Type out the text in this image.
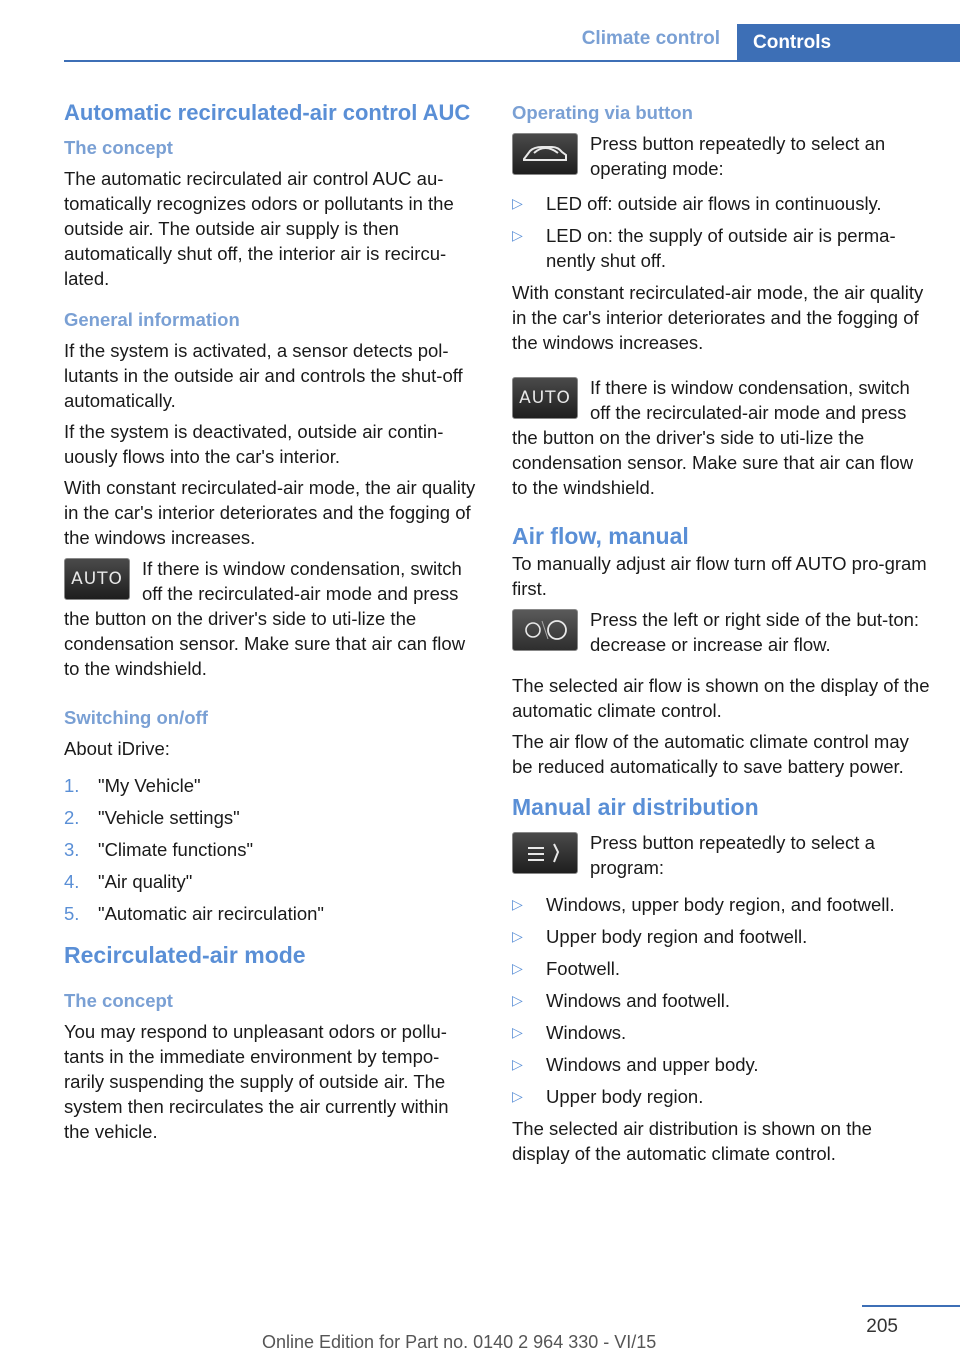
Climate control	Controls
Automatic recirculated-air control AUC
The concept

The automatic recirculated air control AUC au‐tomatically recognizes odors or pollutants in the outside air. The outside air supply is then automatically shut off, the interior air is recircu‐lated.

General information

If the system is activated, a sensor detects pol‐lutants in the outside air and controls the shut‐off automatically.

If the system is deactivated, outside air contin‐uously flows into the car's interior.

With constant recirculated-air mode, the air quality in the car's interior deteriorates and the fogging of the windows increases.

AUTO If there is window condensation, switch off the recirculated-air mode and press the button on the driver's side to uti‐lize the condensation sensor. Make sure that air can flow to the windshield.
Switching on/off

About iDrive:

1. "My Vehicle"
2. "Vehicle settings"
3. "Climate functions"
4. "Air quality"
5. "Automatic air recirculation"
Recirculated-air mode
The concept

You may respond to unpleasant odors or pollu‐tants in the immediate environment by tempo‐rarily suspending the supply of outside air. The system then recirculates the air currently within the vehicle.

Operating via button
Press button repeatedly to select an operating mode:
▷ LED off: outside air flows in continuously.
▷ LED on: the supply of outside air is perma‐nently shut off.

With constant recirculated-air mode, the air quality in the car's interior deteriorates and the fogging of the windows increases.

AUTO If there is window condensation, switch off the recirculated-air mode and press the button on the driver's side to uti‐lize the condensation sensor. Make sure that air can flow to the windshield.
Air flow, manual

To manually adjust air flow turn off AUTO pro‐gram first.

Press the left or right side of the but‐ton: decrease or increase air flow.

The selected air flow is shown on the display of the automatic climate control.

The air flow of the automatic climate control may be reduced automatically to save battery power.

Manual air distribution
Press button repeatedly to select a program:
▷ Windows, upper body region, and footwell.
▷ Upper body region and footwell.
▷ Footwell.
▷ Windows and footwell.
▷ Windows.
▷ Windows and upper body.
▷ Upper body region.

The selected air distribution is shown on the display of the automatic climate control.

205
Online Edition for Part no. 0140 2 964 330 - VI/15
